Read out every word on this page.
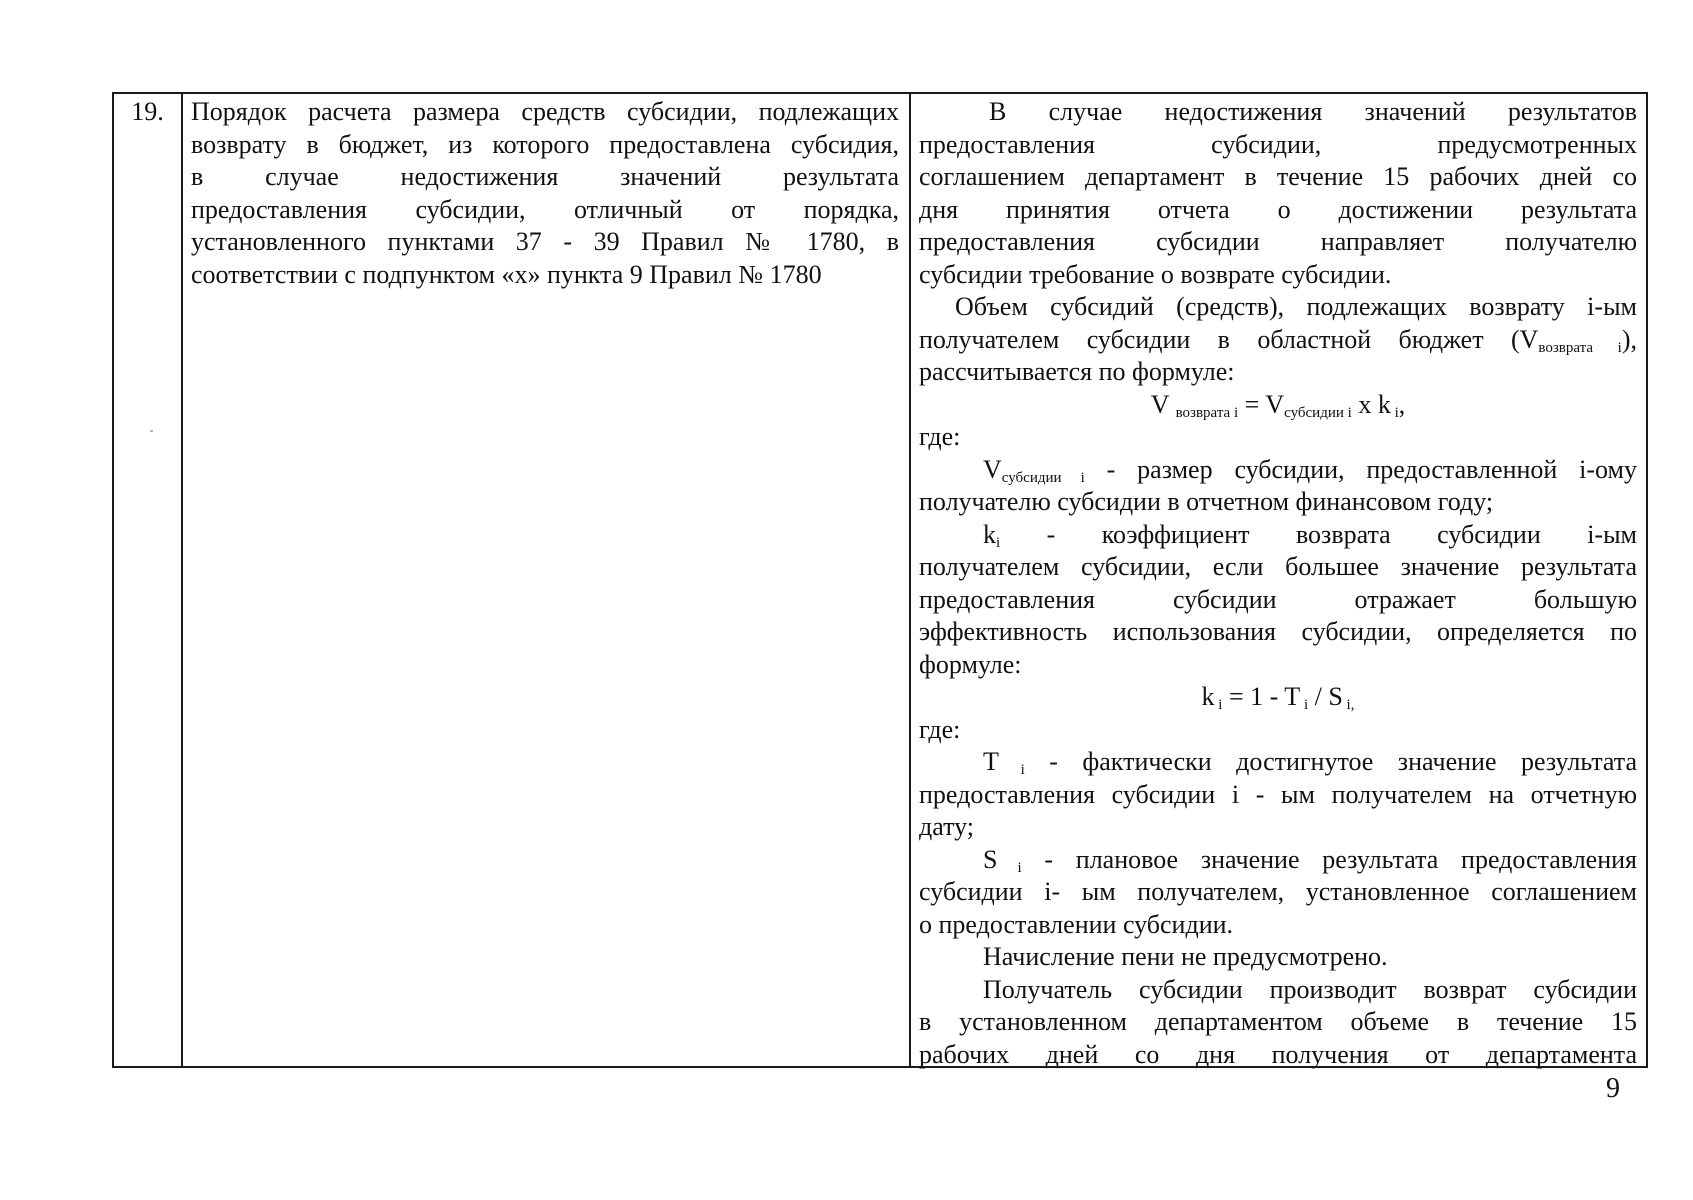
19.	Порядок расчета размера средств субсидии, подлежащих
возврату в бюджет, из которого предоставлена субсидия,
в случае недостижения значений результата
предоставления субсидии, отличный от порядка,
установленного пунктами 37 - 39 Правил № 1780, в
соответствии с подпунктом «х» пункта 9 Правил № 1780
В случае недостижения значений результатов
предоставления субсидии, предусмотренных
соглашением департамент в течение 15 рабочих дней со
дня принятия отчета о достижении результата
предоставления субсидии направляет получателю
субсидии требование о возврате субсидии.
Объем субсидий (средств), подлежащих возврату i-ым
получателем субсидии в областной бюджет $(V_{возврата i})$,
рассчитывается по формуле:
V $_{возврата i} = V_{субсидии i}$ х k $_i$,
где:
$V_{субсидии i}$ - размер субсидии, предоставленной i-ому
получателю субсидии в отчетном финансовом году;
$k_i$ - коэффициент возврата субсидии i-ым
получателем субсидии, если большее значение результата
предоставления субсидии отражает большую
эффективность использования субсидии, определяется по
формуле:
k $_i$ = 1 - T $_i$ / S $_{i,}$
где:
T $_i$ - фактически достигнутое значение результата
предоставления субсидии i - ым получателем на отчетную
дату;
S $_i$ - плановое значение результата предоставления
субсидии i- ым получателем, установленное соглашением
о предоставлении субсидии.
Начисление пени не предусмотрено.
Получатель субсидии производит возврат субсидии
в установленном департаментом объеме в течение 15
рабочих дней со дня получения от департамента
9
